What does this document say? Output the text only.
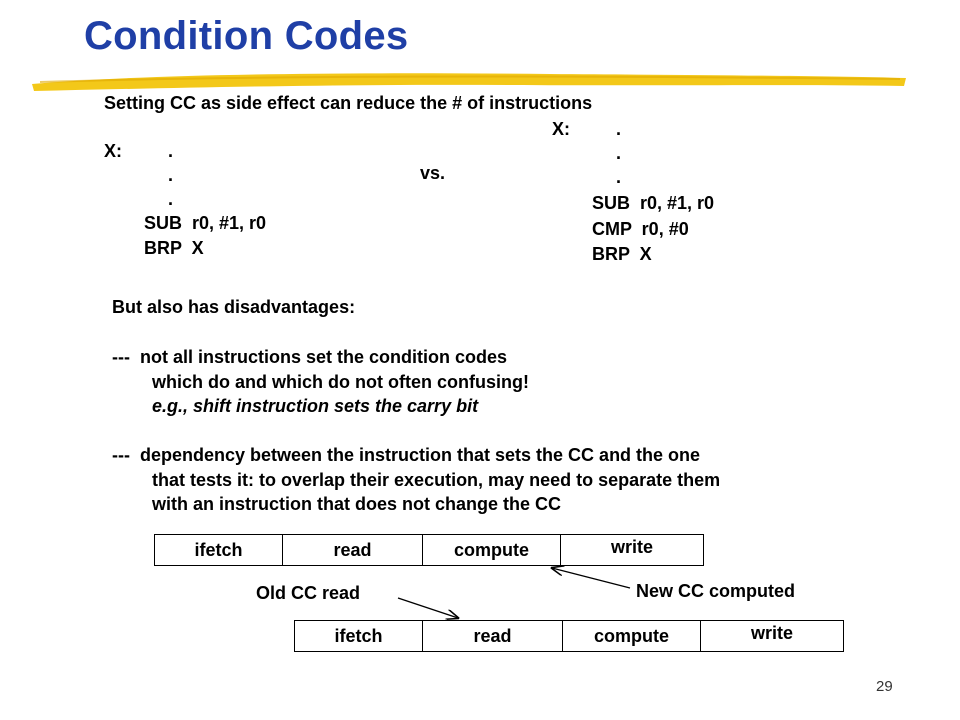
Condition Codes
Setting CC as side effect can reduce the # of instructions
X:	.
.
.
SUB  r0, #1, r0
BRP  X
vs.
X:	.
.
.
SUB  r0, #1, r0
CMP  r0, #0
BRP  X
But also has disadvantages:
---  not all instructions set the condition codes
which do and which do not often confusing!
e.g., shift instruction sets the carry bit
---  dependency between the instruction that sets the CC and the one
that tests it: to overlap their execution, may need to separate them
with an instruction that does not change the CC
ifetch	read	compute	write
ifetch	read	compute	write
Old CC read	New CC computed
29
